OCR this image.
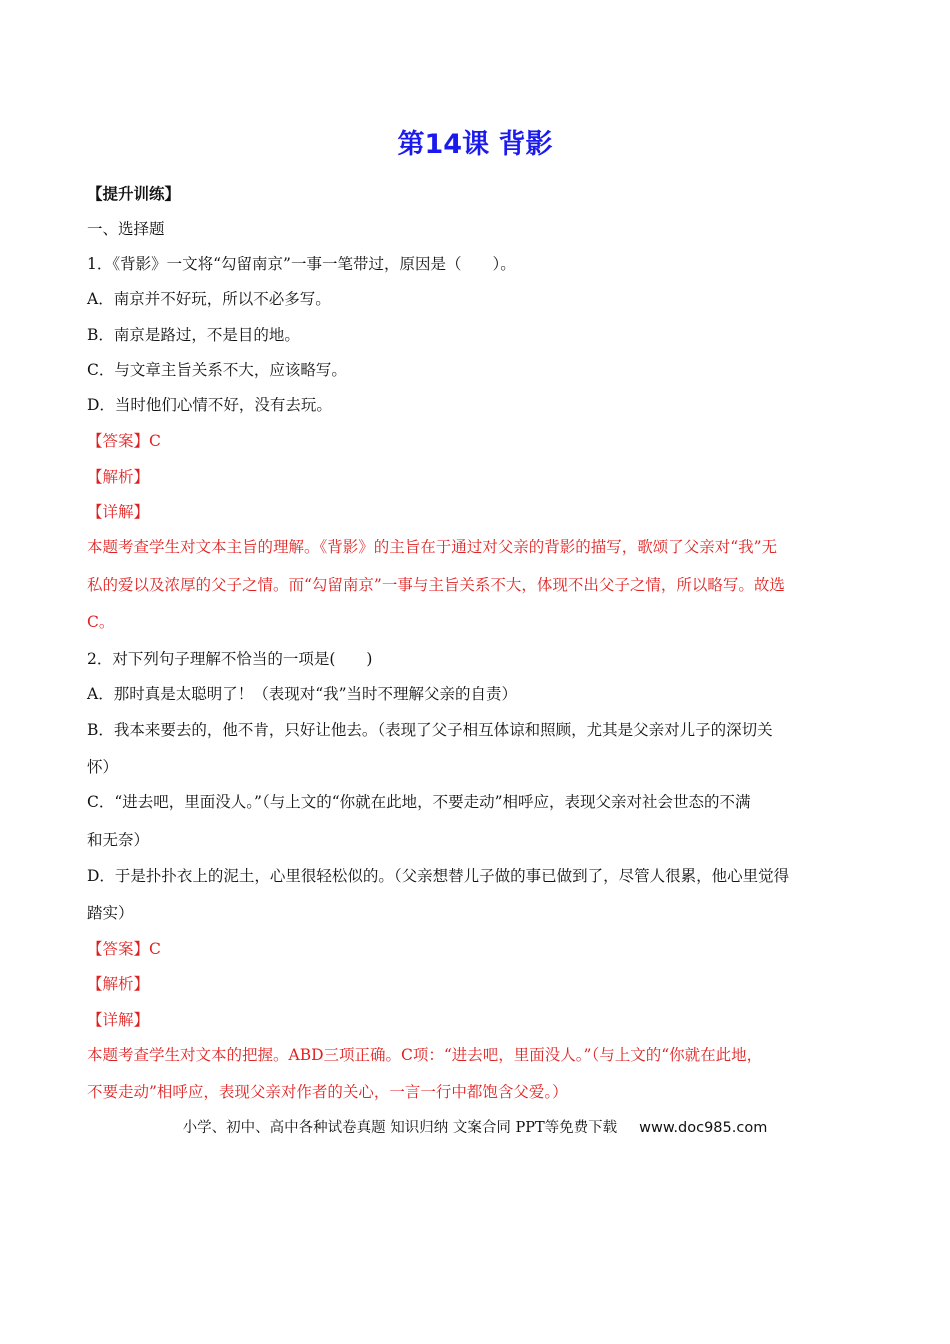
第14课 背影
【提升训练】
一、选择题
1．《背影》一文将“勾留南京”一事一笔带过，原因是（　　）。
A．南京并不好玩，所以不必多写。
B．南京是路过，不是目的地。
C．与文章主旨关系不大，应该略写。
D．当时他们心情不好，没有去玩。
【答案】C
【解析】
【详解】
本题考查学生对文本主旨的理解。《背影》的主旨在于通过对父亲的背影的描写，歌颂了父亲对“我”无
私的爱以及浓厚的父子之情。而“勾留南京”一事与主旨关系不大，体现不出父子之情，所以略写。故选
C。
2．对下列句子理解不恰当的一项是(　　)
A．那时真是太聪明了！（表现对“我”当时不理解父亲的自责）
B．我本来要去的，他不肯，只好让他去。（表现了父子相互体谅和照顾，尤其是父亲对儿子的深切关
怀）
C．“进去吧，里面没人。”（与上文的“你就在此地，不要走动”相呼应，表现父亲对社会世态的不满
和无奈）
D．于是扑扑衣上的泥土，心里很轻松似的。（父亲想替儿子做的事已做到了，尽管人很累，他心里觉得
踏实）
【答案】C
【解析】
【详解】
本题考查学生对文本的把握。ABD三项正确。C项：“进去吧，里面没人。”（与上文的“你就在此地，
不要走动”相呼应，表现父亲对作者的关心，一言一行中都饱含父爱。）
小学、初中、高中各种试卷真题 知识归纳 文案合同 PPT等免费下载 www.doc985.com
